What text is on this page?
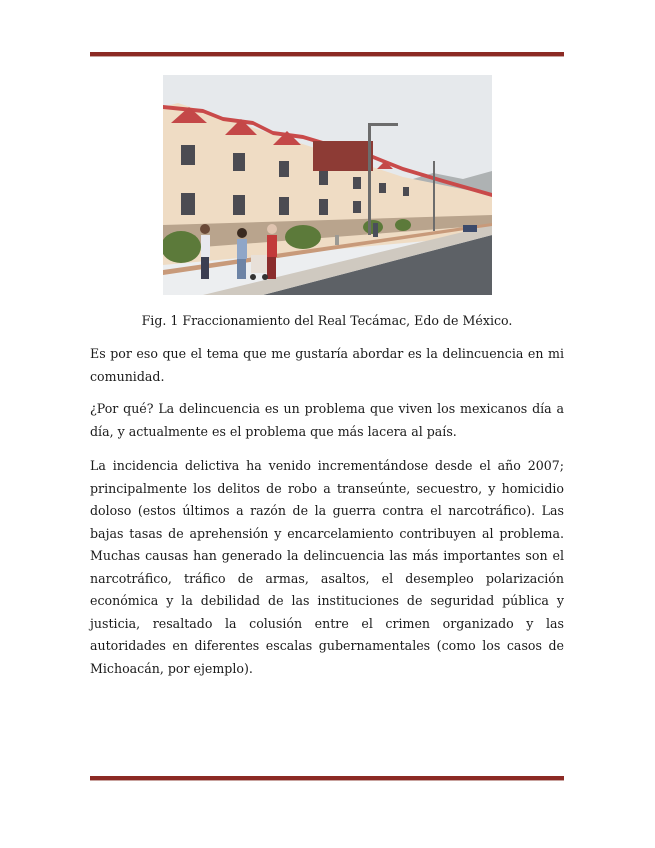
Fig. 1 Fraccionamiento del Real Tecámac, Edo de México.

Es por eso que el tema que me gustaría abordar es la delincuencia en mi comunidad.

¿Por qué? La delincuencia es un problema que viven los mexicanos día a día, y actualmente es el problema que más lacera al país.

La incidencia delictiva ha venido incrementándose desde el año 2007; principalmente los delitos de robo a transeúnte, secuestro, y homicidio doloso (estos últimos a razón de la guerra contra el narcotráfico). Las bajas tasas de aprehensión y encarcelamiento contribuyen al problema. Muchas causas han generado la delincuencia las más importantes son el narcotráfico, tráfico de armas, asaltos, el desempleo polarización económica y la debilidad de las instituciones de seguridad pública y justicia, resaltado la colusión entre el crimen organizado y las autoridades en diferentes escalas gubernamentales (como los casos de Michoacán, por ejemplo).
